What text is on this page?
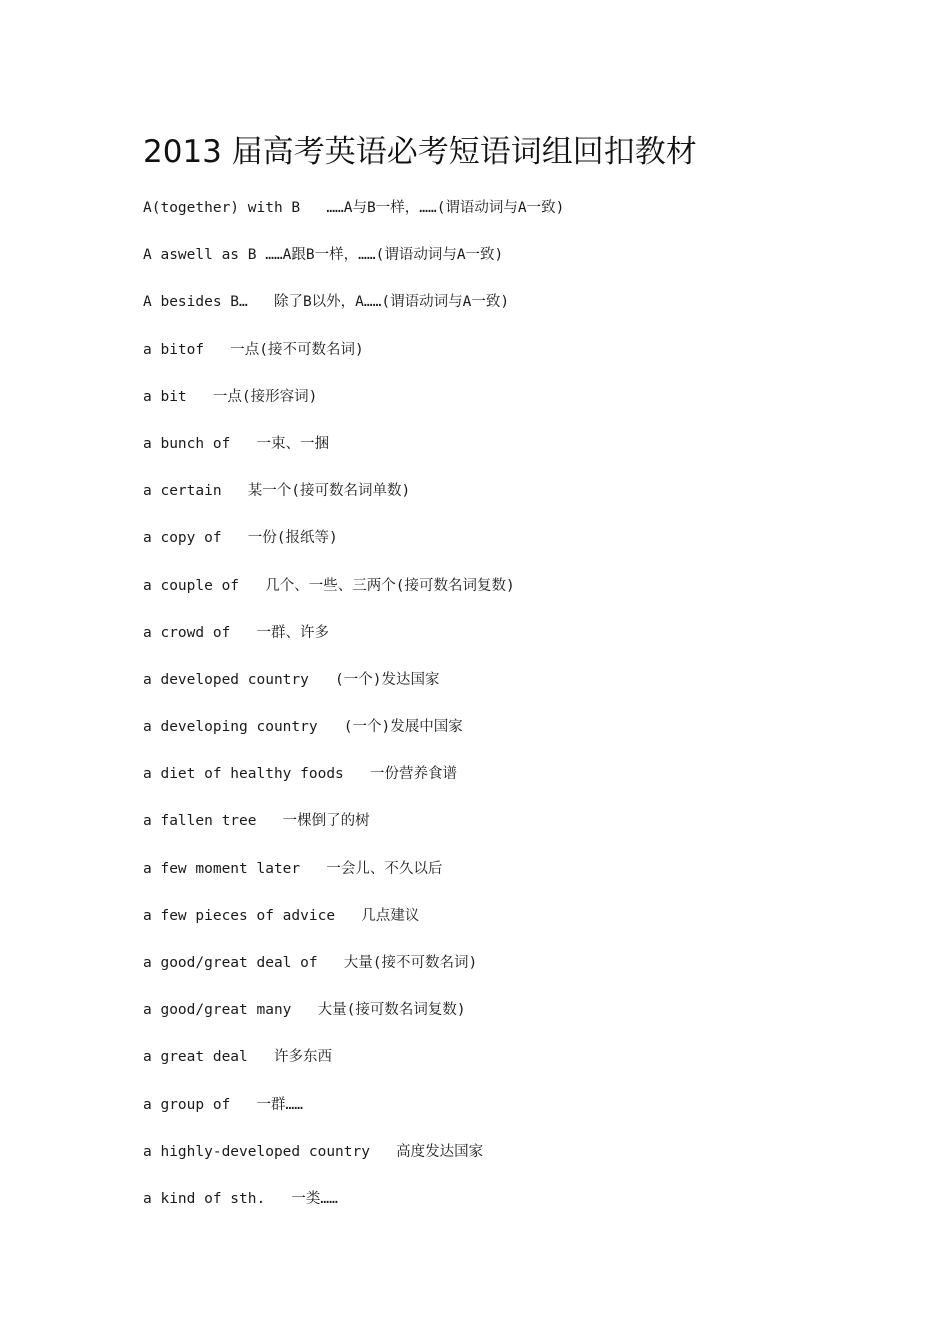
2013 届高考英语必考短语词组回扣教材
A(together) with B   ……A与B一样，……(谓语动词与A一致)
A aswell as B ……A跟B一样，……(谓语动词与A一致)
A besides B…   除了B以外，A……(谓语动词与A一致)
a bitof   一点(接不可数名词)
a bit   一点(接形容词)
a bunch of   一束、一捆
a certain   某一个(接可数名词单数)
a copy of   一份(报纸等)
a couple of   几个、一些、三两个(接可数名词复数)
a crowd of   一群、许多
a developed country   (一个)发达国家
a developing country   (一个)发展中国家
a diet of healthy foods   一份营养食谱
a fallen tree   一棵倒了的树
a few moment later   一会儿、不久以后
a few pieces of advice   几点建议
a good/great deal of   大量(接不可数名词)
a good/great many   大量(接可数名词复数)
a great deal   许多东西
a group of   一群……
a highly-developed country   高度发达国家
a kind of sth.   一类……
